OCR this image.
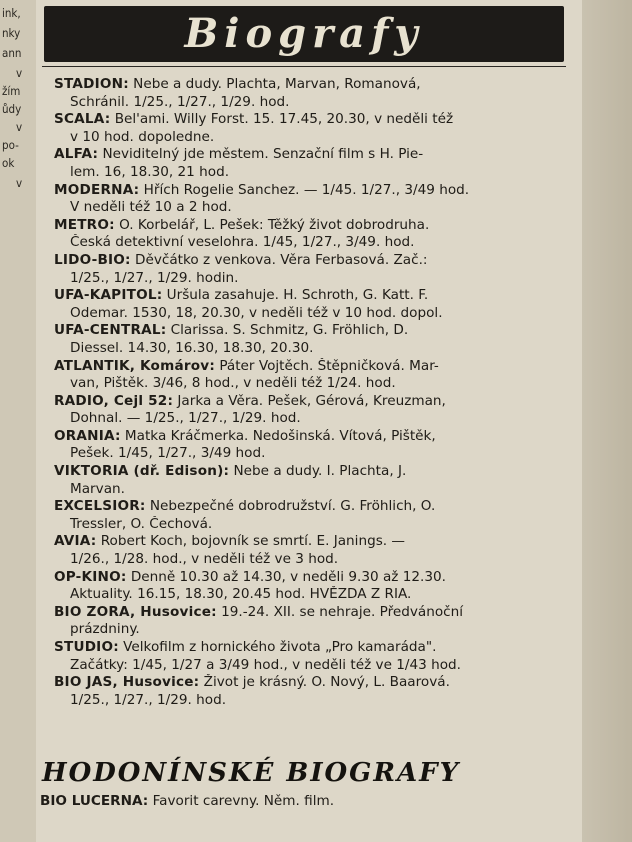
ink,
nky
ann
v
žím
ůdy
v
po-
ok
v
Biografy
STADION: Nebe a dudy. Plachta, Marvan, Romanová,
Schránil. 1/25., 1/27., 1/29. hod.
SCALA: Bel'ami. Willy Forst. 15. 17.45, 20.30, v neděli též
v 10 hod. dopoledne.
ALFA: Neviditelný jde městem. Senzační film s H. Pie-
lem. 16, 18.30, 21 hod.
MODERNA: Hřích Rogelie Sanchez. — 1/45. 1/27., 3/49 hod.
V neděli též 10 a 2 hod.
METRO: O. Korbelář, L. Pešek: Těžký život dobrodruha.
Česká detektivní veselohra. 1/45, 1/27., 3/49. hod.
LIDO-BIO: Děvčátko z venkova. Věra Ferbasová. Zač.:
1/25., 1/27., 1/29. hodin.
UFA-KAPITOL: Uršula zasahuje. H. Schroth, G. Katt. F.
Odemar. 1530, 18, 20.30, v neděli též v 10 hod. dopol.
UFA-CENTRAL: Clarissa. S. Schmitz, G. Fröhlich, D.
Diessel. 14.30, 16.30, 18.30, 20.30.
ATLANTIK, Komárov: Páter Vojtěch. Štěpničková. Mar-
van, Pištěk. 3/46, 8 hod., v neděli též 1/24. hod.
RADIO, Cejl 52: Jarka a Věra. Pešek, Gérová, Kreuzman,
Dohnal. — 1/25., 1/27., 1/29. hod.
ORANIA: Matka Kráčmerka. Nedošinská. Vítová, Pištěk,
Pešek. 1/45, 1/27., 3/49 hod.
VIKTORIA (dř. Edison): Nebe a dudy. I. Plachta, J.
Marvan.
EXCELSIOR: Nebezpečné dobrodružství. G. Fröhlich, O.
Tressler, O. Čechová.
AVIA: Robert Koch, bojovník se smrtí. E. Janings. —
1/26., 1/28. hod., v neděli též ve 3 hod.
OP-KINO: Denně 10.30 až 14.30, v neděli 9.30 až 12.30.
Aktuality. 16.15, 18.30, 20.45 hod. HVĚZDA Z RIA.
BIO ZORA, Husovice: 19.-24. XII. se nehraje. Předvánoční
prázdniny.
STUDIO: Velkofilm z hornického života „Pro kamaráda".
Začátky: 1/45, 1/27 a 3/49 hod., v neděli též ve 1/43 hod.
BIO JAS, Husovice: Život je krásný. O. Nový, L. Baarová.
1/25., 1/27., 1/29. hod.
HODONÍNSKÉ BIOGRAFY
BIO LUCERNA: Favorit carevny. Něm. film.
